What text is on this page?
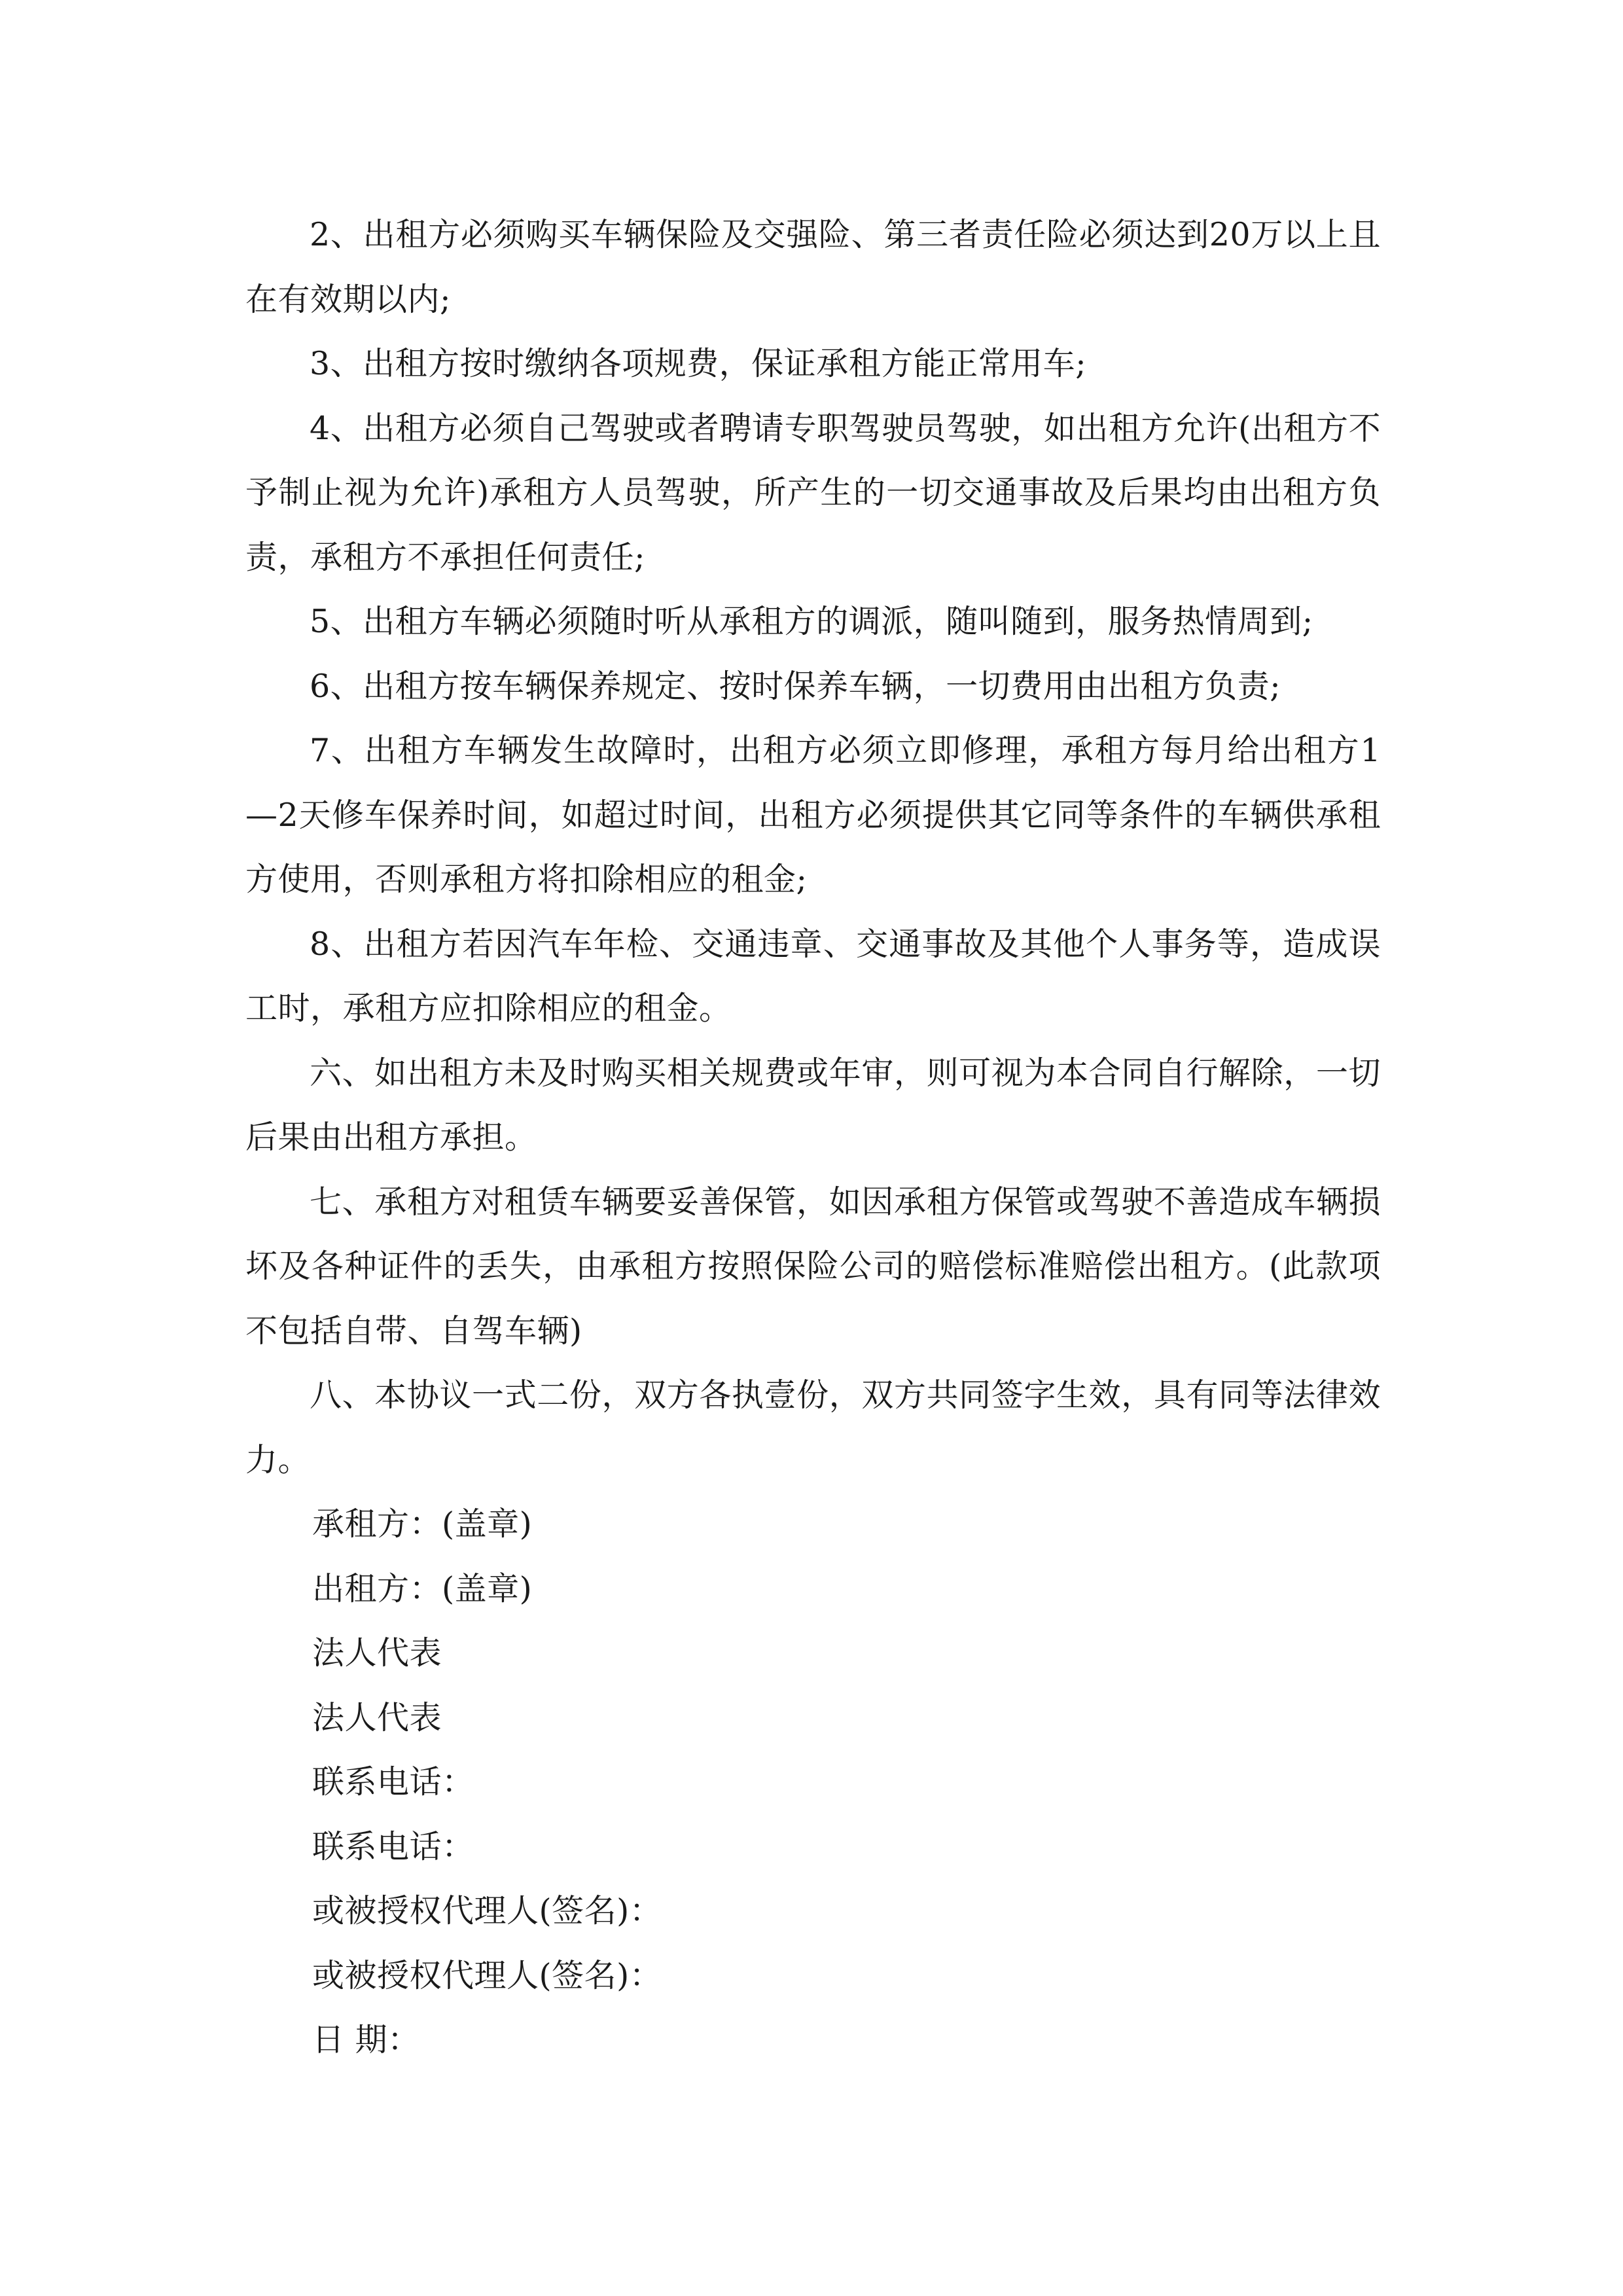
2、出租方必须购买车辆保险及交强险、第三者责任险必须达到20万以上且在有效期以内;

3、出租方按时缴纳各项规费，保证承租方能正常用车;

4、出租方必须自己驾驶或者聘请专职驾驶员驾驶，如出租方允许(出租方不予制止视为允许)承租方人员驾驶，所产生的一切交通事故及后果均由出租方负责，承租方不承担任何责任;

5、出租方车辆必须随时听从承租方的调派，随叫随到，服务热情周到;

6、出租方按车辆保养规定、按时保养车辆，一切费用由出租方负责;

7、出租方车辆发生故障时，出租方必须立即修理，承租方每月给出租方1—2天修车保养时间，如超过时间，出租方必须提供其它同等条件的车辆供承租方使用，否则承租方将扣除相应的租金;

8、出租方若因汽车年检、交通违章、交通事故及其他个人事务等，造成误工时，承租方应扣除相应的租金。

六、如出租方未及时购买相关规费或年审，则可视为本合同自行解除，一切后果由出租方承担。

七、承租方对租赁车辆要妥善保管，如因承租方保管或驾驶不善造成车辆损坏及各种证件的丢失，由承租方按照保险公司的赔偿标准赔偿出租方。(此款项不包括自带、自驾车辆)

八、本协议一式二份，双方各执壹份，双方共同签字生效，具有同等法律效力。

承租方：(盖章)

出租方：(盖章)

法人代表

法人代表

联系电话：

联系电话：

或被授权代理人(签名)：

或被授权代理人(签名)：

日 期：
